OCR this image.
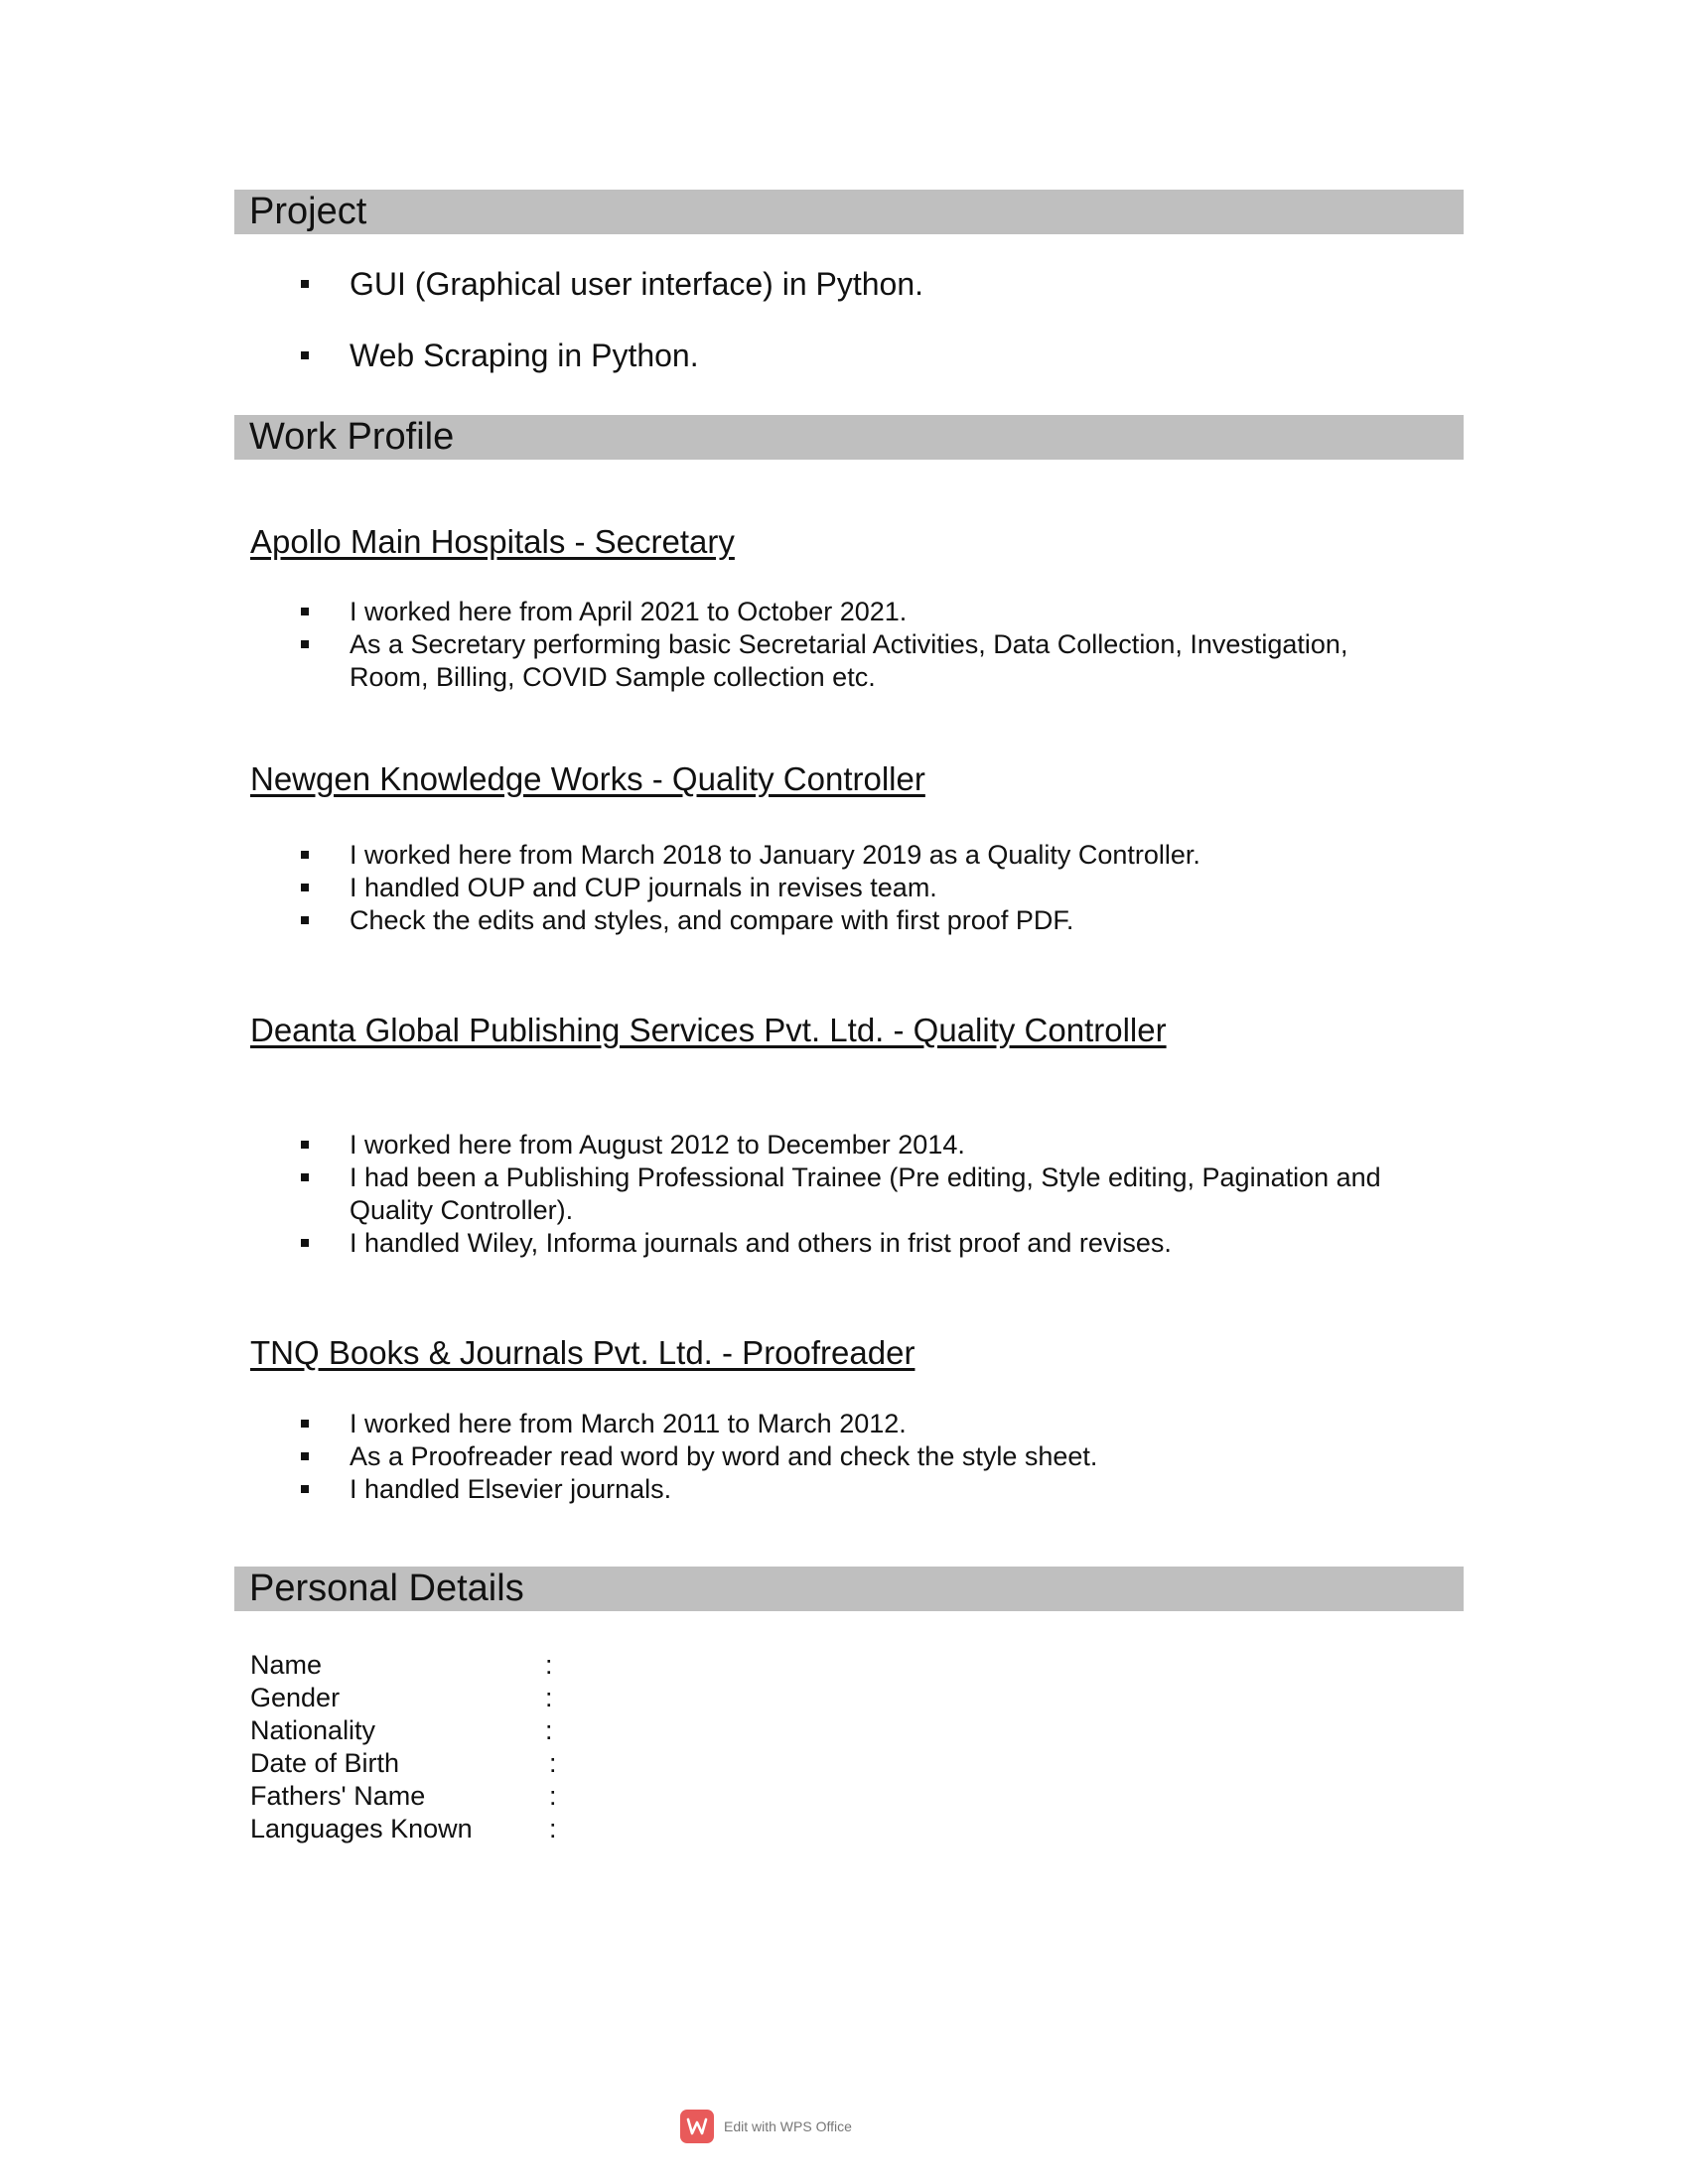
Project
GUI (Graphical user interface) in Python.
Web Scraping in Python.
Work Profile
Apollo Main Hospitals - Secretary
I worked here from April 2021 to October 2021.
As a Secretary performing basic Secretarial Activities, Data Collection, Investigation, Room, Billing, COVID Sample collection etc.
Newgen Knowledge Works - Quality Controller
I worked here from March 2018 to January 2019 as a Quality Controller.
I handled OUP and CUP journals in revises team.
Check the edits and styles, and compare with first proof PDF.
Deanta Global Publishing Services Pvt. Ltd. - Quality Controller
I worked here from August 2012 to December 2014.
I had been a Publishing Professional Trainee (Pre editing, Style editing, Pagination and Quality Controller).
I handled Wiley, Informa journals and others in frist proof and revises.
TNQ Books & Journals Pvt. Ltd. - Proofreader
I worked here from March 2011 to March 2012.
As a Proofreader read word by word and check the style sheet.
I handled Elsevier journals.
Personal Details
Name	:
Gender	:
Nationality	:
Date of Birth	:
Fathers' Name	:
Languages Known	:
Edit with WPS Office
